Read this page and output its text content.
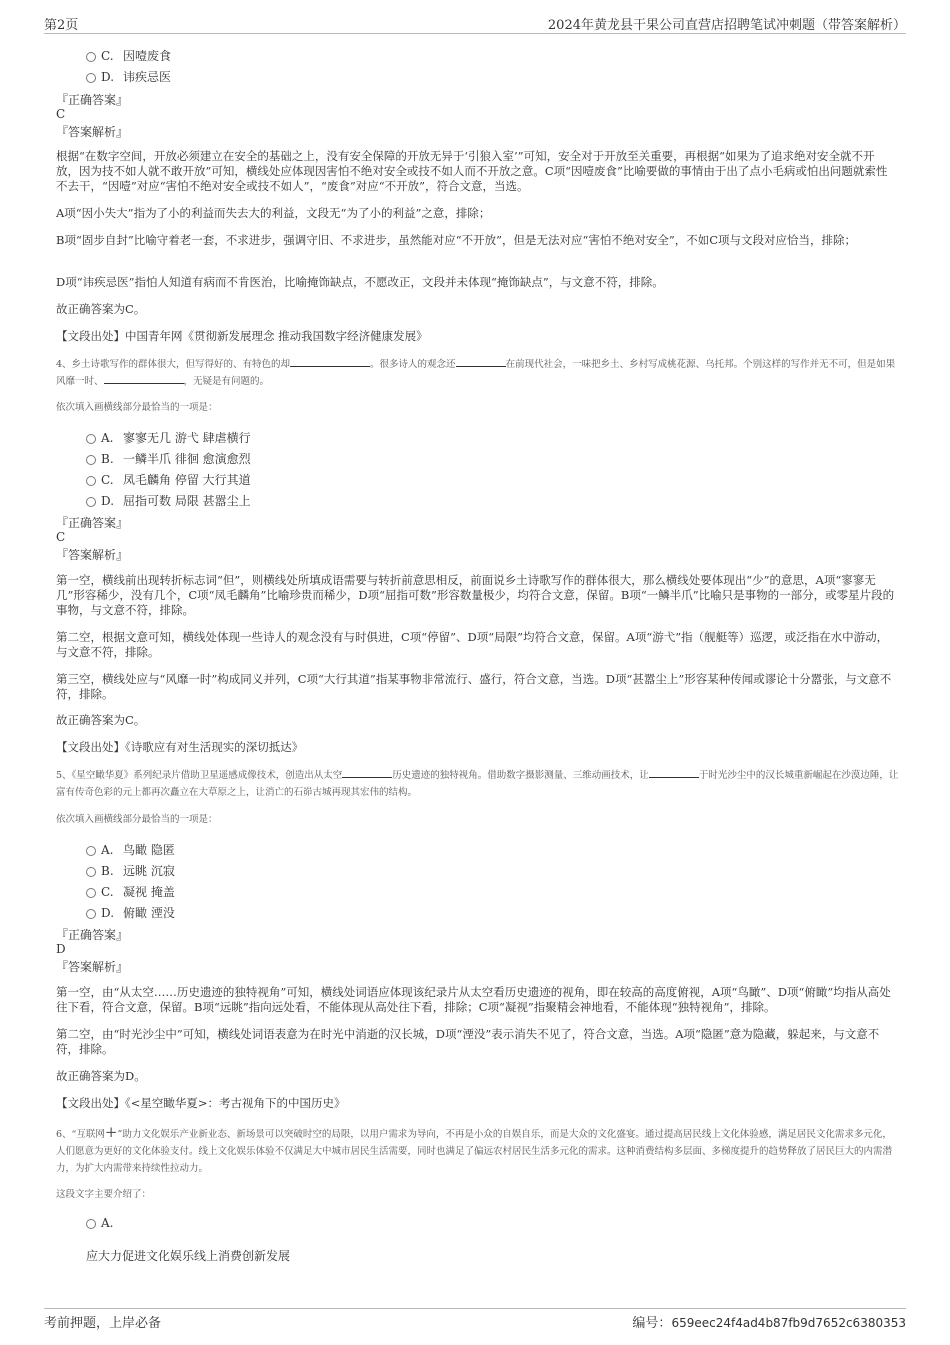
第2页	2024年黄龙县干果公司直营店招聘笔试冲刺题（带答案解析）
C. 因噎废食
D. 讳疾忌医
『正确答案』
C
『答案解析』
根据“在数字空间，开放必须建立在安全的基础之上，没有安全保障的开放无异于‘引狼入室’”可知，安全对于开放至关重要，再根据“如果为了追求绝对安全就不开放，因为技不如人就不敢开放”可知，横线处应体现因害怕不绝对安全或技不如人而不开放之意。C项“因噎废食”比喻要做的事情由于出了点小毛病或怕出问题就索性不去干，“因噎”对应“害怕不绝对安全或技不如人”，“废食”对应“不开放”，符合文意，当选。
A项“因小失大”指为了小的利益而失去大的利益，文段无“为了小的利益”之意，排除；
B项“固步自封”比喻守着老一套，不求进步，强调守旧、不求进步，虽然能对应“不开放”，但是无法对应“害怕不绝对安全”，不如C项与文段对应恰当，排除；
D项“讳疾忌医”指怕人知道有病而不肯医治，比喻掩饰缺点，不愿改正，文段并未体现“掩饰缺点”，与文意不符，排除。
故正确答案为C。
【文段出处】中国青年网《贯彻新发展理念 推动我国数字经济健康发展》
4、乡土诗歌写作的群体很大，但写得好的、有特色的却	。很多诗人的观念还	在前现代社会，一味把乡土、乡村写成桃花源、乌托邦。个别这样的写作并无不可，但是如果风靡一时、	，无疑是有问题的。
依次填入画横线部分最恰当的一项是：
A. 寥寥无几 游弋 肆虐横行
B. 一鳞半爪 徘徊 愈演愈烈
C. 凤毛麟角 停留 大行其道
D. 屈指可数 局限 甚嚣尘上
『正确答案』
C
『答案解析』
第一空，横线前出现转折标志词“但”，则横线处所填成语需要与转折前意思相反，前面说乡土诗歌写作的群体很大，那么横线处要体现出“少”的意思，A项“寥寥无几”形容稀少，没有几个，C项“凤毛麟角”比喻珍贵而稀少，D项“屈指可数”形容数量极少，均符合文意，保留。B项“一鳞半爪”比喻只是事物的一部分，或零星片段的事物，与文意不符，排除。
第二空，根据文意可知，横线处体现一些诗人的观念没有与时俱进，C项“停留”、D项“局限”均符合文意，保留。A项“游弋”指（舰艇等）巡逻，或泛指在水中游动，与文意不符，排除。
第三空，横线处应与“风靡一时”构成同义并列，C项“大行其道”指某事物非常流行、盛行，符合文意，当选。D项“甚嚣尘上”形容某种传闻或谬论十分嚣张，与文意不符，排除。
故正确答案为C。
【文段出处】《诗歌应有对生活现实的深切抵达》
5、《星空瞰华夏》系列纪录片借助卫星遥感成像技术，创造出从太空	历史遗迹的独特视角。借助数字摄影测量、三维动画技术，让	于时光沙尘中的汉长城重新崛起在沙漠边陲，让富有传奇色彩的元上都再次矗立在大草原之上，让消亡的石峁古城再现其宏伟的结构。
依次填入画横线部分最恰当的一项是：
A. 鸟瞰 隐匿
B. 远眺 沉寂
C. 凝视 掩盖
D. 俯瞰 湮没
『正确答案』
D
『答案解析』
第一空，由“从太空……历史遗迹的独特视角”可知，横线处词语应体现该纪录片从太空看历史遗迹的视角，即在较高的高度俯视，A项“鸟瞰”、D项“俯瞰”均指从高处往下看，符合文意，保留。B项“远眺”指向远处看，不能体现从高处往下看，排除；C项“凝视”指聚精会神地看，不能体现“独特视角”，排除。
第二空，由“时光沙尘中”可知，横线处词语表意为在时光中消逝的汉长城，D项“湮没”表示消失不见了，符合文意，当选。A项“隐匿”意为隐藏，躲起来，与文意不符，排除。
故正确答案为D。
【文段出处】《<星空瞰华夏>：考古视角下的中国历史》
6、“互联网+”助力文化娱乐产业新业态、新场景可以突破时空的局限，以用户需求为导向，不再是小众的自娱自乐，而是大众的文化盛宴。通过提高居民线上文化体验感，满足居民文化需求多元化，人们愿意为更好的文化体验支付。线上文化娱乐体验不仅满足大中城市居民生活需要，同时也满足了偏远农村居民生活多元化的需求。这种消费结构多层面、多梯度提升的趋势释放了居民巨大的内需潜力，为扩大内需带来持续性拉动力。
这段文字主要介绍了：
A.
应大力促进文化娱乐线上消费创新发展
考前押题，上岸必备	编号：659eec24f4ad4b87fb9d7652c6380353
